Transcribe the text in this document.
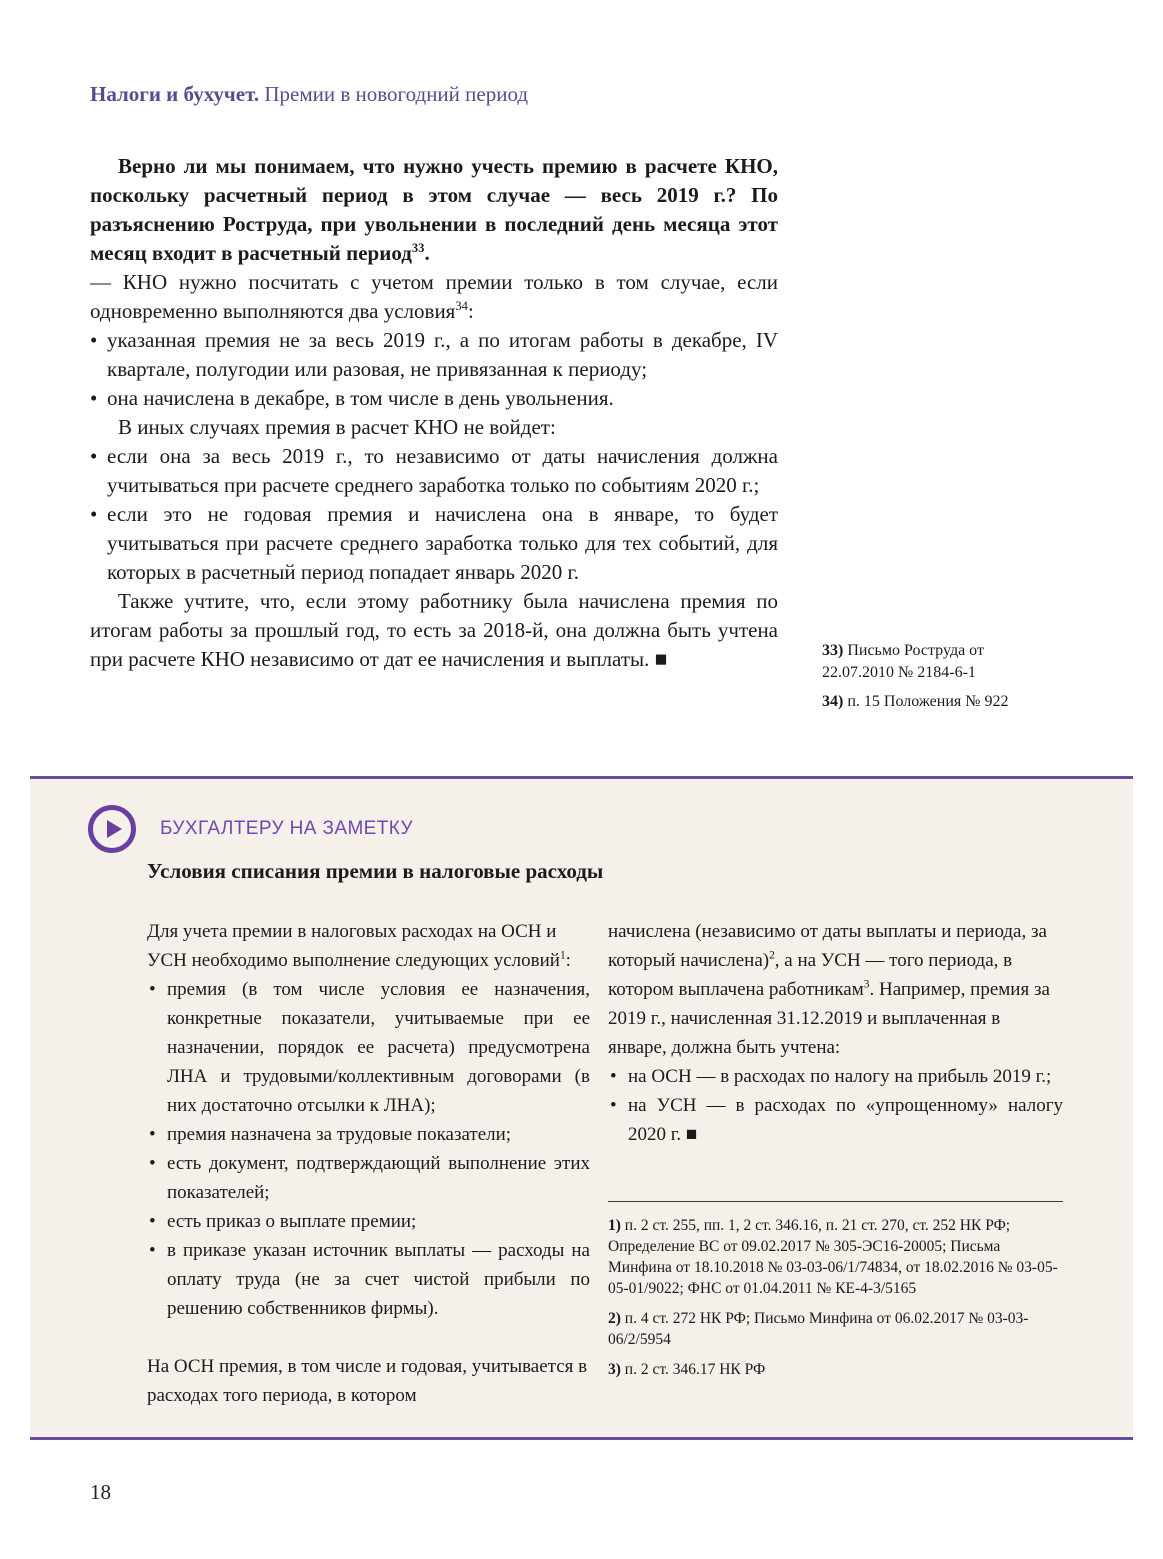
Налоги и бухучет. Премии в новогодний период

Верно ли мы понимаем, что нужно учесть премию в расчете КНО, поскольку расчетный период в этом случае — весь 2019 г.? По разъяснению Роструда, при увольнении в последний день месяца этот месяц входит в расчетный период$^{33}$.

— КНО нужно посчитать с учетом премии только в том случае, если одновременно выполняются два условия$^{34}$:

• указанная премия не за весь 2019 г., а по итогам работы в декабре, IV квартале, полугодии или разовая, не привязанная к периоду;
• она начислена в декабре, в том числе в день увольнения.

В иных случаях премия в расчет КНО не войдет:

• если она за весь 2019 г., то независимо от даты начисления должна учитываться при расчете среднего заработка только по событиям 2020 г.;
• если это не годовая премия и начислена она в январе, то будет учитываться при расчете среднего заработка только для тех событий, для которых в расчетный период попадает январь 2020 г.

Также учтите, что, если этому работнику была начислена премия по итогам работы за прошлый год, то есть за 2018-й, она должна быть учтена при расчете КНО независимо от дат ее начисления и выплаты. ■	33) Письмо Роструда от 22.07.2010 № 2184-6-1
34) п. 15 Положения № 922
БУХГАЛТЕРУ НА ЗАМЕТКУ
Условия списания премии в налоговые расходы

Для учета премии в налоговых расходах на ОСН и УСН необходимо выполнение следующих условий$^1$:

• премия (в том числе условия ее назначения, конкретные показатели, учитываемые при ее назначении, порядок ее расчета) предусмотрена ЛНА и трудовыми/коллективным договорами (в них достаточно отсылки к ЛНА);
• премия назначена за трудовые показатели;
• есть документ, подтверждающий выполнение этих показателей;
• есть приказ о выплате премии;
• в приказе указан источник выплаты — расходы на оплату труда (не за счет чистой прибыли по решению собственников фирмы).

На ОСН премия, в том числе и годовая, учитывается в расходах того периода, в котором

начислена (независимо от даты выплаты и периода, за который начислена)$^2$, а на УСН — того периода, в котором выплачена работникам$^3$. Например, премия за 2019 г., начисленная 31.12.2019 и выплаченная в январе, должна быть учтена:

• на ОСН — в расходах по налогу на прибыль 2019 г.;
• на УСН — в расходах по «упрощенному» налогу 2020 г. ■
1) п. 2 ст. 255, пп. 1, 2 ст. 346.16, п. 21 ст. 270, ст. 252 НК РФ; Определение ВС от 09.02.2017 № 305-ЭС16-20005; Письма Минфина от 18.10.2018 № 03-03-06/1/74834, от 18.02.2016 № 03-05-05-01/9022; ФНС от 01.04.2011 № КЕ-4-3/5165
2) п. 4 ст. 272 НК РФ; Письмо Минфина от 06.02.2017 № 03-03-06/2/5954
3) п. 2 ст. 346.17 НК РФ
18
